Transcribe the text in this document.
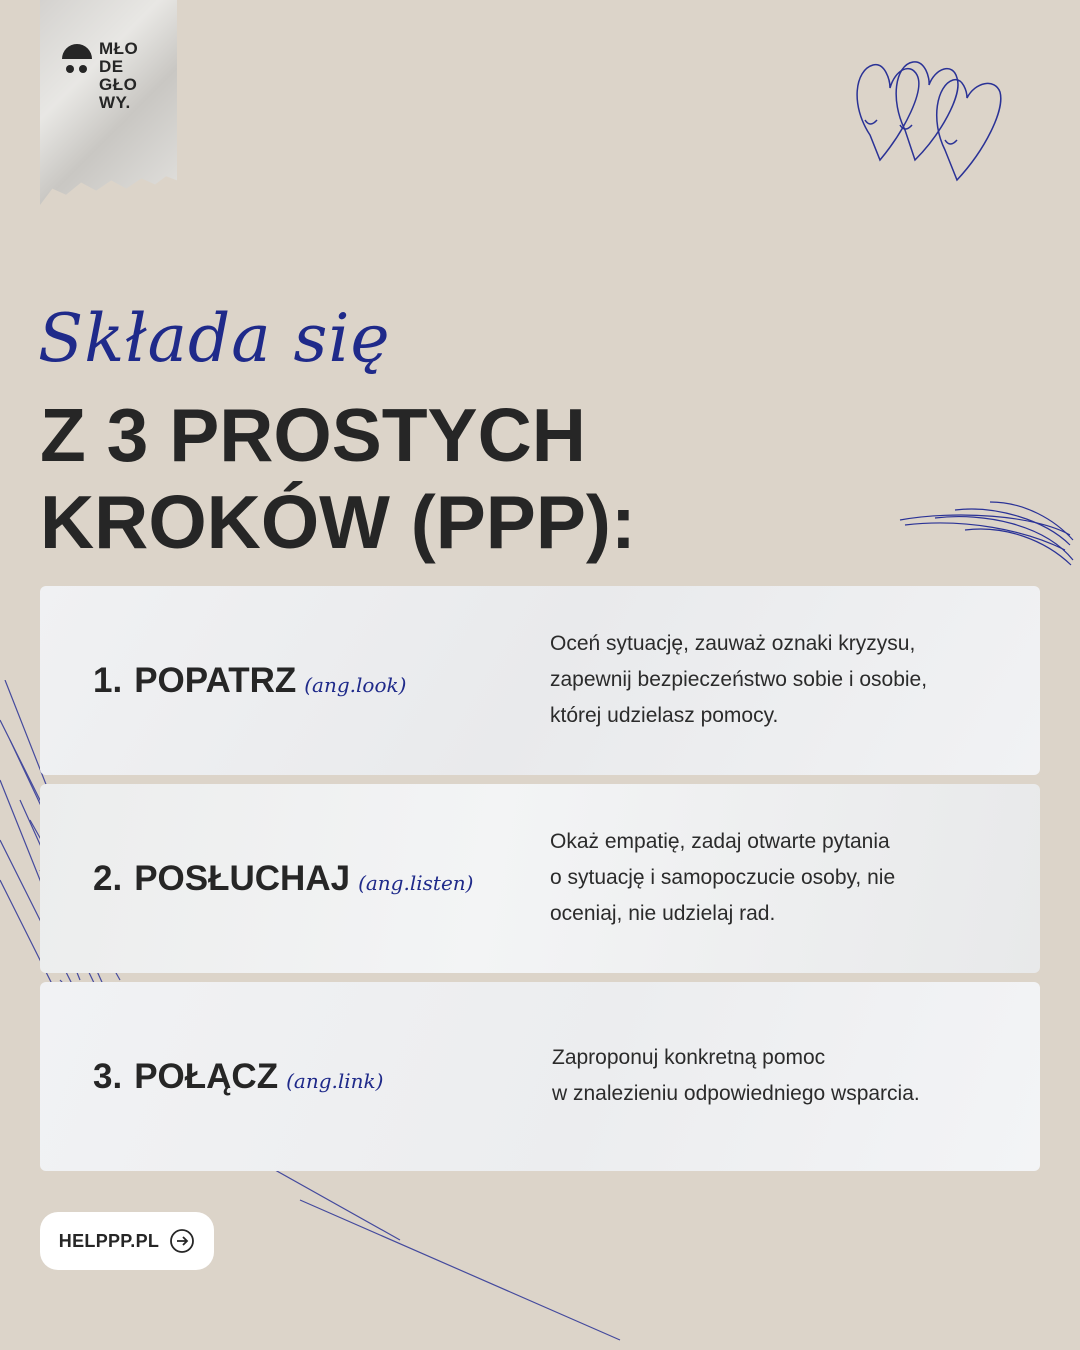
MŁO
DE
GŁO
WY.
Składa się
Z 3 PROSTYCH
KROKÓW (PPP):
1. POPATRZ (ang.look)
Oceń sytuację, zauważ oznaki kryzysu,
zapewnij bezpieczeństwo sobie i osobie,
której udzielasz pomocy.
2. POSŁUCHAJ (ang.listen)
Okaż empatię, zadaj otwarte pytania
o sytuację i samopoczucie osoby, nie
oceniaj, nie udzielaj rad.
3. POŁĄCZ (ang.link)
Zaproponuj konkretną pomoc
w znalezieniu odpowiedniego wsparcia.
HELPPP.PL
